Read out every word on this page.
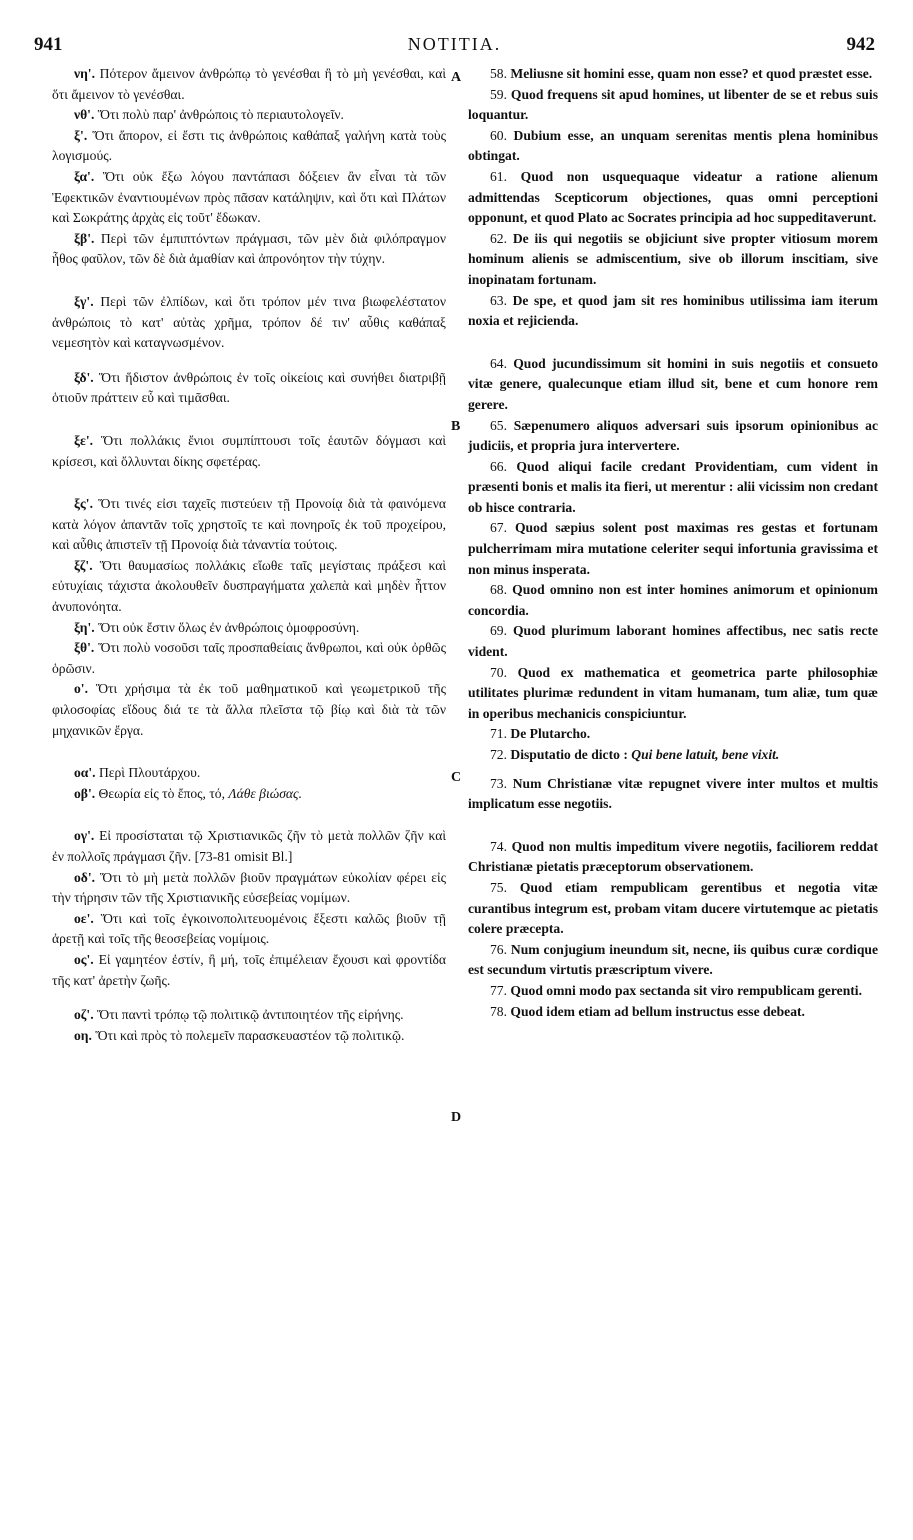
941	NOTITIA.	942
A
B
C
D

νη'. Πότερον ἄμεινον ἀνθρώπῳ τὸ γενέσθαι ἢ τὸ μὴ γενέσθαι, καὶ ὅτι ἄμεινον τὸ γενέσθαι.

νθ'. Ὅτι πολὺ παρ' ἀνθρώποις τὸ περιαυτολογεῖν.

ξ'. Ὅτι ἄπορον, εἰ ἔστι τις ἀνθρώποις καθάπαξ γαλήνη κατὰ τοὺς λογισμούς.

ξα'. Ὅτι οὐκ ἔξω λόγου παντάπασι δόξειεν ἂν εἶναι τὰ τῶν Ἐφεκτικῶν ἐναντιουμένων πρὸς πᾶσαν κατάληψιν, καὶ ὅτι καὶ Πλάτων καὶ Σωκράτης ἀρχὰς εἰς τοῦτ' ἔδωκαν.

ξβ'. Περὶ τῶν ἐμπιπτόντων πράγμασι, τῶν μὲν διὰ φιλόπραγμον ἦθος φαῦλον, τῶν δὲ διὰ ἀμαθίαν καὶ ἀπρονόητον τὴν τύχην.

ξγ'. Περὶ τῶν ἐλπίδων, καὶ ὅτι τρόπον μέν τινα βιωφελέστατον ἀνθρώποις τὸ κατ' αὐτὰς χρῆμα, τρόπον δέ τιν' αὖθις καθάπαξ νεμεσητὸν καὶ καταγνωσμένον.

ξδ'. Ὅτι ἥδιστον ἀνθρώποις ἐν τοῖς οἰκείοις καὶ συνήθει διατριβῇ ὁτιοῦν πράττειν εὖ καὶ τιμᾶσθαι.

ξε'. Ὅτι πολλάκις ἔνιοι συμπίπτουσι τοῖς ἑαυτῶν δόγμασι καὶ κρίσεσι, καὶ ὄλλυνται δίκης σφετέρας.

ξς'. Ὅτι τινές εἰσι ταχεῖς πιστεύειν τῇ Προνοίᾳ διὰ τὰ φαινόμενα κατὰ λόγον ἀπαντᾶν τοῖς χρηστοῖς τε καὶ πονηροῖς ἐκ τοῦ προχείρου, καὶ αὖθις ἀπιστεῖν τῇ Προνοίᾳ διὰ τἀναντία τούτοις.

ξζ'. Ὅτι θαυμασίως πολλάκις εἴωθε ταῖς μεγίσταις πράξεσι καὶ εὐτυχίαις τάχιστα ἀκολουθεῖν δυσπραγήματα χαλεπὰ καὶ μηδὲν ἧττον ἀνυπονόητα.

ξη'. Ὅτι οὐκ ἔστιν ὅλως ἐν ἀνθρώποις ὁμοφροσύνη.

ξθ'. Ὅτι πολὺ νοσοῦσι ταῖς προσπαθείαις ἄνθρωποι, καὶ οὐκ ὀρθῶς ὁρῶσιν.

ο'. Ὅτι χρήσιμα τὰ ἐκ τοῦ μαθηματικοῦ καὶ γεωμετρικοῦ τῆς φιλοσοφίας εἴδους διά τε τὰ ἄλλα πλεῖστα τῷ βίῳ καὶ διὰ τὰ τῶν μηχανικῶν ἔργα.

οα'. Περὶ Πλουτάρχου.

οβ'. Θεωρία εἰς τὸ ἔπος, τό, Λάθε βιώσας.

ογ'. Εἰ προσίσταται τῷ Χριστιανικῶς ζῆν τὸ μετὰ πολλῶν ζῆν καὶ ἐν πολλοῖς πράγμασι ζῆν. [73-81 omisit Bl.]

οδ'. Ὅτι τὸ μὴ μετὰ πολλῶν βιοῦν πραγμάτων εὐκολίαν φέρει εἰς τὴν τήρησιν τῶν τῆς Χριστιανικῆς εὐσεβείας νομίμων.

οε'. Ὅτι καὶ τοῖς ἐγκοινοπολιτευομένοις ἔξεστι καλῶς βιοῦν τῇ ἀρετῇ καὶ τοῖς τῆς θεοσεβείας νομίμοις.

ος'. Εἰ γαμητέον ἐστίν, ἢ μή, τοῖς ἐπιμέλειαν ἔχουσι καὶ φροντίδα τῆς κατ' ἀρετὴν ζωῆς.

οζ'. Ὅτι παντὶ τρόπῳ τῷ πολιτικῷ ἀντιποιητέον τῆς εἰρήνης.

οη. Ὅτι καὶ πρὸς τὸ πολεμεῖν παρασκευαστέον τῷ πολιτικῷ.

58. Meliusne sit homini esse, quam non esse? et quod præstet esse.

59. Quod frequens sit apud homines, ut libenter de se et rebus suis loquantur.

60. Dubium esse, an unquam serenitas mentis plena hominibus obtingat.

61. Quod non usquequaque videatur a ratione alienum admittendas Scepticorum objectiones, quas omni perceptioni opponunt, et quod Plato ac Socrates principia ad hoc suppeditaverunt.

62. De iis qui negotiis se objiciunt sive propter vitiosum morem hominum alienis se admiscentium, sive ob illorum inscitiam, sive inopinatam fortunam.

63. De spe, et quod jam sit res hominibus utilissima iam iterum noxia et rejicienda.

64. Quod jucundissimum sit homini in suis negotiis et consueto vitæ genere, qualecunque etiam illud sit, bene et cum honore rem gerere.

65. Sæpenumero aliquos adversari suis ipsorum opinionibus ac judiciis, et propria jura intervertere.

66. Quod aliqui facile credant Providentiam, cum vident in præsenti bonis et malis ita fieri, ut merentur : alii vicissim non credant ob hisce contraria.

67. Quod sæpius solent post maximas res gestas et fortunam pulcherrimam mira mutatione celeriter sequi infortunia gravissima et non minus insperata.

68. Quod omnino non est inter homines animorum et opinionum concordia.

69. Quod plurimum laborant homines affectibus, nec satis recte vident.

70. Quod ex mathematica et geometrica parte philosophiæ utilitates plurimæ redundent in vitam humanam, tum aliæ, tum quæ in operibus mechanicis conspiciuntur.

71. De Plutarcho.

72. Disputatio de dicto : Qui bene latuit, bene vixit.

73. Num Christianæ vitæ repugnet vivere inter multos et multis implicatum esse negotiis.

74. Quod non multis impeditum vivere negotiis, faciliorem reddat Christianæ pietatis præceptorum observationem.

75. Quod etiam rempublicam gerentibus et negotia vitæ curantibus integrum est, probam vitam ducere virtutemque ac pietatis colere præcepta.

76. Num conjugium ineundum sit, necne, iis quibus curæ cordique est secundum virtutis præscriptum vivere.

77. Quod omni modo pax sectanda sit viro rempublicam gerenti.

78. Quod idem etiam ad bellum instructus esse debeat.
